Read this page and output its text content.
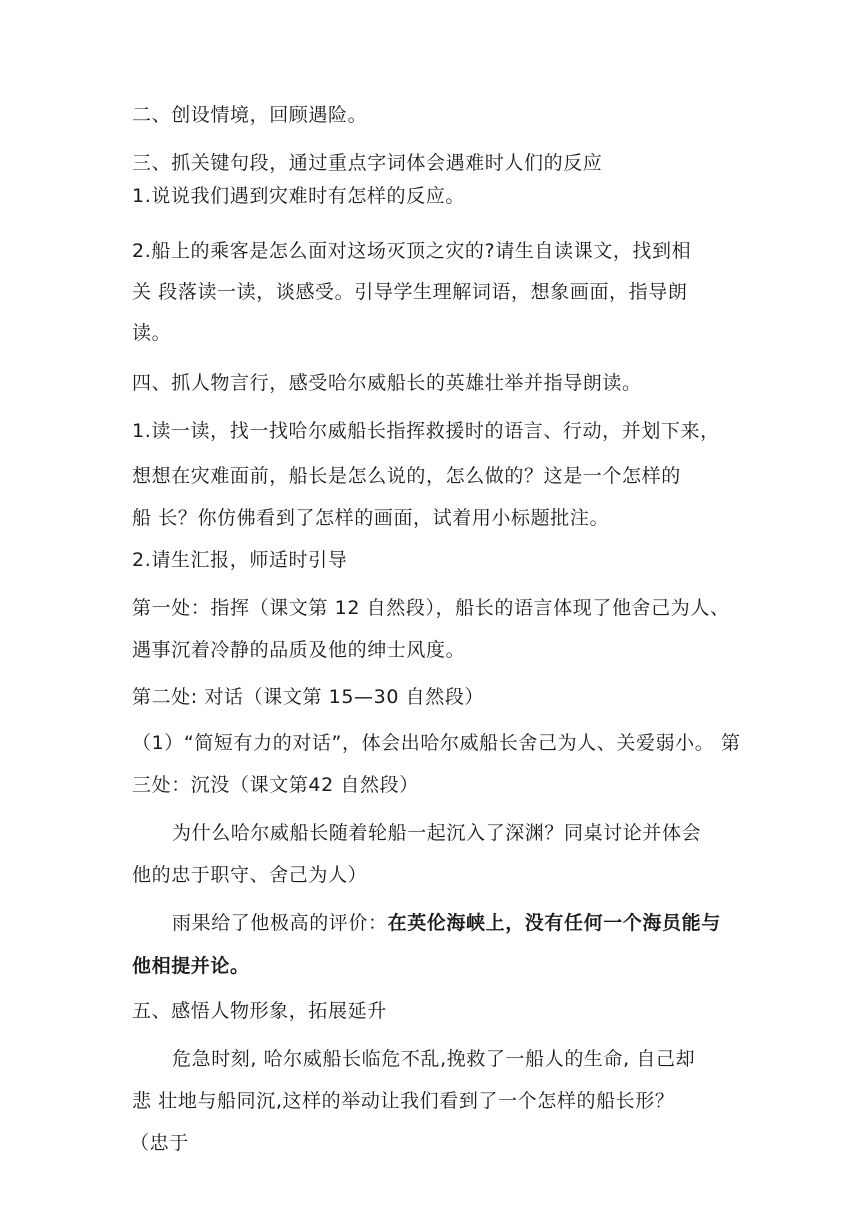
二、创设情境，回顾遇险。
三、抓关键句段，通过重点字词体会遇难时人们的反应
1.说说我们遇到灾难时有怎样的反应。
2.船上的乘客是怎么面对这场灭顶之灾的?请生自读课文，找到相
关 段落读一读，谈感受。引导学生理解词语，想象画面，指导朗
读。
四、抓人物言行，感受哈尔威船长的英雄壮举并指导朗读。
1.读一读，找一找哈尔威船长指挥救援时的语言、行动，并划下来，
想想在灾难面前，船长是怎么说的，怎么做的？这是一个怎样的
船 长？你仿佛看到了怎样的画面，试着用小标题批注。
2.请生汇报，师适时引导
第一处：指挥（课文第 12 自然段），船长的语言体现了他舍己为人、
遇事沉着冷静的品质及他的绅士风度。
第二处: 对话（课文第 15—30 自然段）
（1）“简短有力的对话”，体会出哈尔威船长舍己为人、关爱弱小。 第
三处：沉没（课文第42 自然段）
为什么哈尔威船长随着轮船一起沉入了深渊？同桌讨论并体会
他的忠于职守、舍己为人）
雨果给了他极高的评价：在英伦海峡上，没有任何一个海员能与
他相提并论。
五、感悟人物形象，拓展延升
危急时刻, 哈尔威船长临危不乱,挽救了一船人的生命, 自己却
悲 壮地与船同沉,这样的举动让我们看到了一个怎样的船长形？
（忠于
